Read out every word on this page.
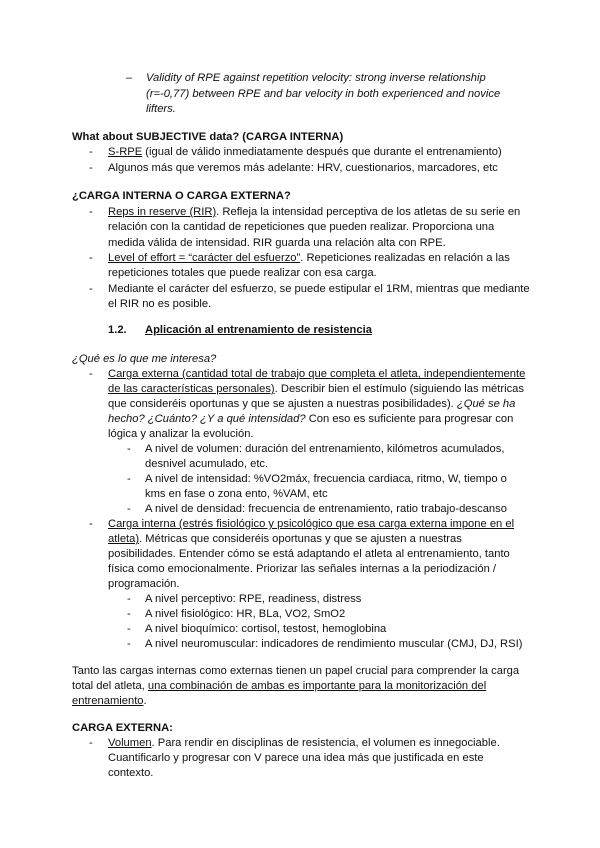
– Validity of RPE against repetition velocity: strong inverse relationship
(r=-0,77) between RPE and bar velocity in both experienced and novice
lifters.
What about SUBJECTIVE data? (CARGA INTERNA)
- S-RPE (igual de válido inmediatamente después que durante el entrenamiento)
- Algunos más que veremos más adelante: HRV, cuestionarios, marcadores, etc
¿CARGA INTERNA O CARGA EXTERNA?
- Reps in reserve (RIR). Refleja la intensidad perceptiva de los atletas de su serie en
relación con la cantidad de repeticiones que pueden realizar. Proporciona una
medida válida de intensidad. RIR guarda una relación alta con RPE.
- Level of effort = “carácter del esfuerzo”. Repeticiones realizadas en relación a las
repeticiones totales que puede realizar con esa carga.
- Mediante el carácter del esfuerzo, se puede estipular el 1RM, mientras que mediante
el RIR no es posible.
1.2. Aplicación al entrenamiento de resistencia
¿Qué es lo que me interesa?
- Carga externa (cantidad total de trabajo que completa el atleta, independientemente
de las características personales). Describir bien el estímulo (siguiendo las métricas
que consideréis oportunas y que se ajusten a nuestras posibilidades). ¿Qué se ha
hecho? ¿Cuánto? ¿Y a qué intensidad? Con eso es suficiente para progresar con
lógica y analizar la evolución.
- A nivel de volumen: duración del entrenamiento, kilómetros acumulados,
desnivel acumulado, etc.
- A nivel de intensidad: %VO2máx, frecuencia cardiaca, ritmo, W, tiempo o
kms en fase o zona ento, %VAM, etc
- A nivel de densidad: frecuencia de entrenamiento, ratio trabajo-descanso
- Carga interna (estrés fisiológico y psicológico que esa carga externa impone en el
atleta). Métricas que consideréis oportunas y que se ajusten a nuestras
posibilidades. Entender cómo se está adaptando el atleta al entrenamiento, tanto
física como emocionalmente. Priorizar las señales internas a la periodización /
programación.
- A nivel perceptivo: RPE, readiness, distress
- A nivel fisiológico: HR, BLa, VO2, SmO2
- A nivel bioquímico: cortisol, testost, hemoglobina
- A nivel neuromuscular: indicadores de rendimiento muscular (CMJ, DJ, RSI)
Tanto las cargas internas como externas tienen un papel crucial para comprender la carga
total del atleta, una combinación de ambas es importante para la monitorización del
entrenamiento.
CARGA EXTERNA:
- Volumen. Para rendir en disciplinas de resistencia, el volumen es innegociable.
Cuantificarlo y progresar con V parece una idea más que justificada en este
contexto.
